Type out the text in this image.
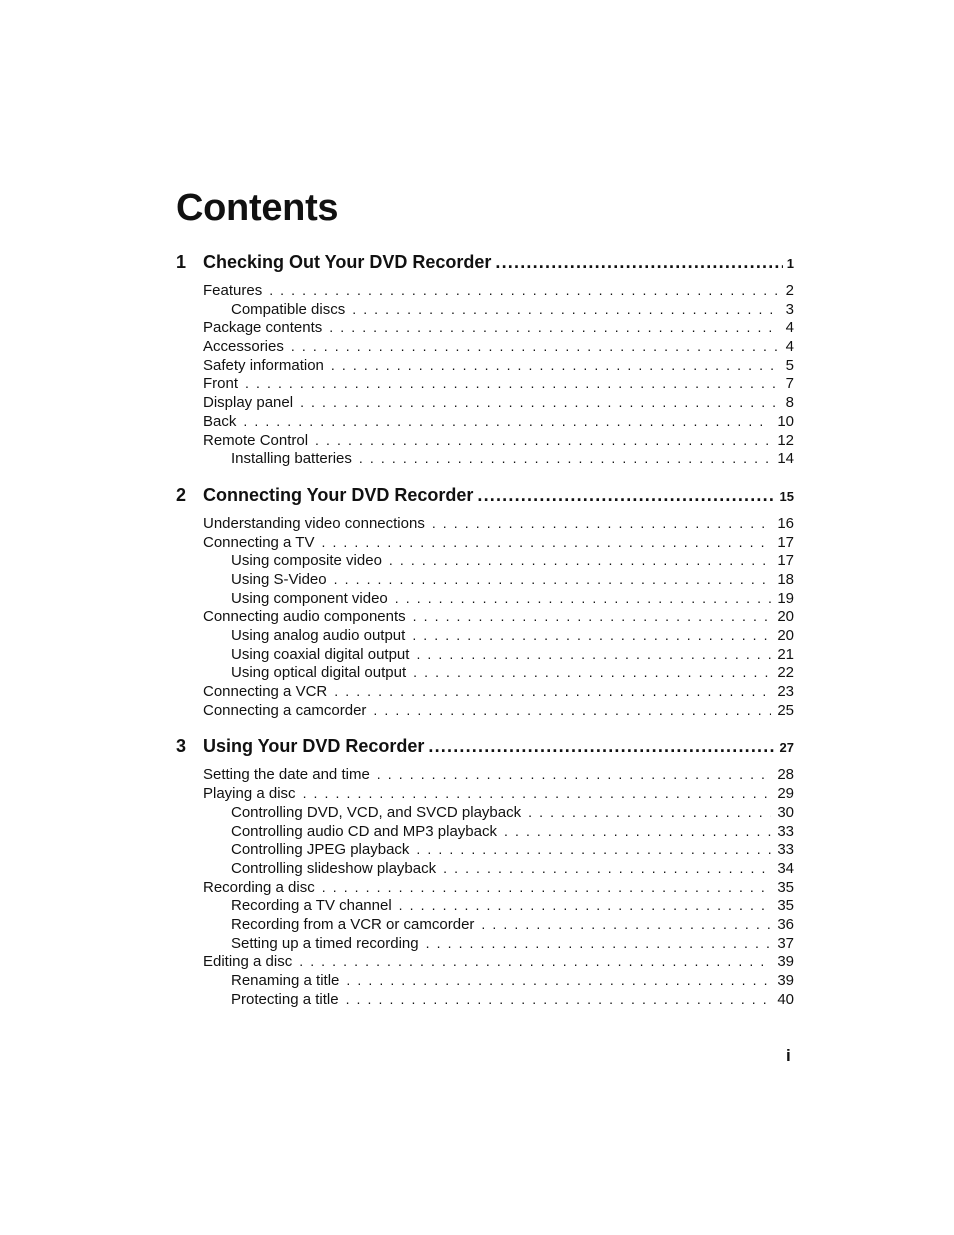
Contents
1 Checking Out Your DVD Recorder .....	1
Features . . .	2
Compatible discs . . .	3
Package contents . . .	4
Accessories . . .	4
Safety information . . .	5
Front . . .	7
Display panel . . .	8
Back . . .	10
Remote Control . . .	12
Installing batteries . . .	14
2 Connecting Your DVD Recorder .....	15
Understanding video connections . . .	16
Connecting a TV . . .	17
Using composite video . . .	17
Using S-Video . . .	18
Using component video . . .	19
Connecting audio components . . .	20
Using analog audio output . . .	20
Using coaxial digital output . . .	21
Using optical digital output . . .	22
Connecting a VCR . . .	23
Connecting a camcorder . . .	25
3 Using Your DVD Recorder .....	27
Setting the date and time . . .	28
Playing a disc . . .	29
Controlling DVD, VCD, and SVCD playback . . .	30
Controlling audio CD and MP3 playback . . .	33
Controlling JPEG playback . . .	33
Controlling slideshow playback . . .	34
Recording a disc . . .	35
Recording a TV channel . . .	35
Recording from a VCR or camcorder . . .	36
Setting up a timed recording . . .	37
Editing a disc . . .	39
Renaming a title . . .	39
Protecting a title . . .	40
i
